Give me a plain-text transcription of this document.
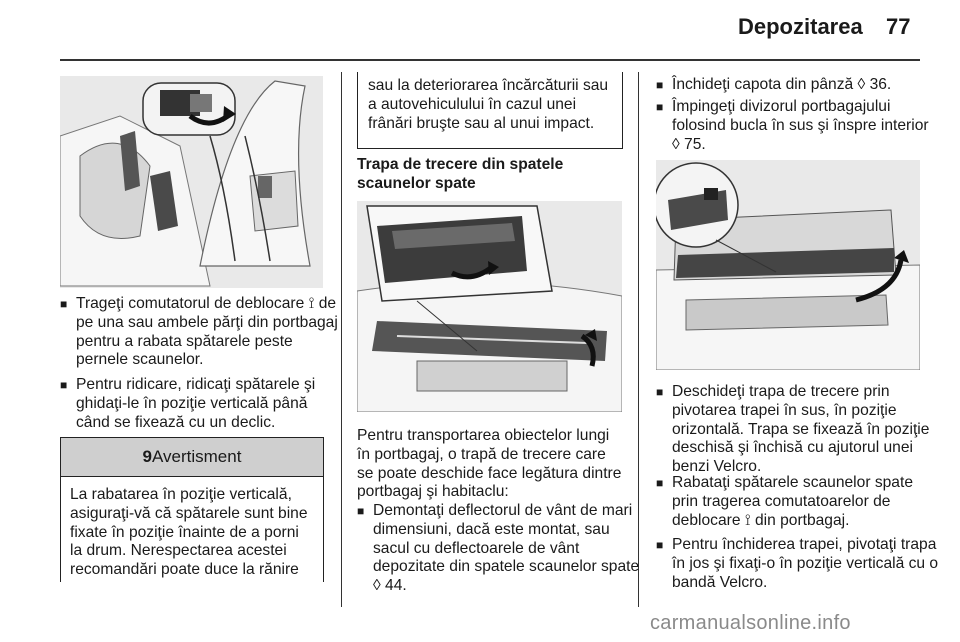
Depozitarea 77
■ Trageţi comutatorul de deblocare ⟟ de pe una sau ambele părţi din portbagaj pentru a rabata spătarele peste pernele scaunelor.
■ Pentru ridicare, ridicaţi spătarele şi ghidaţi-le în poziţie verticală până când se fixează cu un declic.
9Avertisment
La rabatarea în poziţie verticală, asiguraţi-vă că spătarele sunt bine fixate în poziţie înainte de a porni la drum. Nerespectarea acestei recomandări poate duce la rănire
sau la deteriorarea încărcăturii sau a autovehiculului în cazul unei frânări bruşte sau al unui impact.
Trapa de trecere din spatele scaunelor spate
Pentru transportarea obiectelor lungi în portbagaj, o trapă de trecere care se poate deschide face legătura dintre portbagaj şi habitaclu:
■ Demontaţi deflectorul de vânt de mari dimensiuni, dacă este montat, sau sacul cu deflectoarele de vânt depozitate din spatele scaunelor spate ◊ 44.
■ Închideţi capota din pânză ◊ 36.
■ Împingeţi divizorul portbagajului folosind bucla în sus şi înspre interior ◊ 75.
■ Deschideţi trapa de trecere prin pivotarea trapei în sus, în poziţie orizontală. Trapa se fixează în poziţie deschisă şi închisă cu ajutorul unei benzi Velcro.
■ Rabataţi spătarele scaunelor spate prin tragerea comutatoarelor de deblocare ⟟ din portbagaj.
■ Pentru închiderea trapei, pivotaţi trapa în jos şi fixaţi-o în poziţie verticală cu o bandă Velcro.
carmanualsonline.info
